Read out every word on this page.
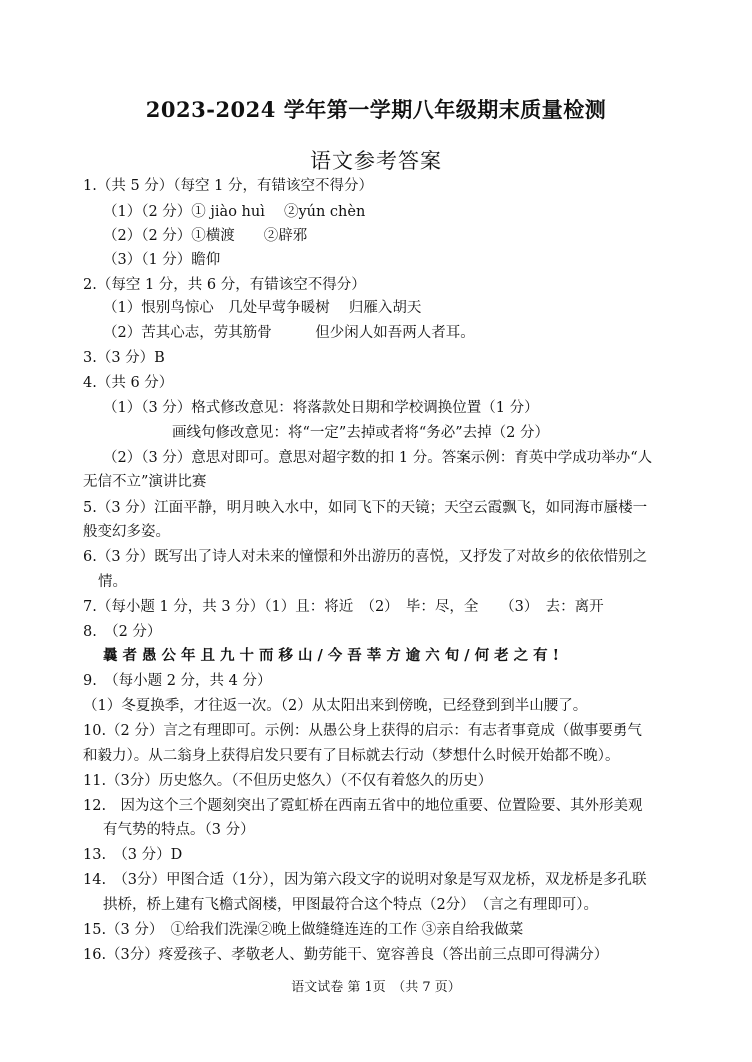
2023-2024 学年第一学期八年级期末质量检测
语文参考答案
1.（共 5 分）（每空 1 分，有错该空不得分）
（1）（2 分）① jiào huì　 ②yún chèn
（2）（2 分）①横渡　　②辟邪
（3）（1 分）瞻仰
2.（每空 1 分，共 6 分，有错该空不得分）
（1）恨别鸟惊心　几处早莺争暖树　 归雁入胡天
（2）苦其心志，劳其筋骨　　　但少闲人如吾两人者耳。
3.（3 分）B
4.（共 6 分）
（1）（3 分）格式修改意见：将落款处日期和学校调换位置（1 分）
画线句修改意见：将“一定”去掉或者将“务必”去掉（2 分）
（2）（3 分）意思对即可。意思对超字数的扣 1 分。答案示例：育英中学成功举办“人
无信不立”演讲比赛
5.（3 分）江面平静，明月映入水中，如同飞下的天镜；天空云霞飘飞，如同海市蜃楼一
般变幻多姿。
6.（3 分）既写出了诗人对未来的憧憬和外出游历的喜悦，又抒发了对故乡的依依惜别之
情。
7.（每小题 1 分，共 3 分）（1）且：将近　（2）　毕：尽，全　　（3）　去：离开
8.　（2 分）
曩者愚公年且九十而移山/今吾莘方逾六旬/何老之有!
9.　（每小题 2 分，共 4 分）
（1）冬夏换季，才往返一次。（2）从太阳出来到傍晚，已经登到到半山腰了。
10.（2 分）言之有理即可。示例：从愚公身上获得的启示：有志者事竟成（做事要勇气
和毅力）。从二翁身上获得启发只要有了目标就去行动（梦想什么时候开始都不晚）。
11.（3分）历史悠久。（不但历史悠久）（不仅有着悠久的历史）
12.　因为这个三个题刻突出了霓虹桥在西南五省中的地位重要、位置险要、其外形美观
有气势的特点。（3 分）
13.　（3 分）D
14.　（3分）甲图合适（1分），因为第六段文字的说明对象是写双龙桥，双龙桥是多孔联
拱桥，桥上建有飞檐式阁楼，甲图最符合这个特点（2分）　（言之有理即可）。
15.（3 分）　①给我们洗澡②晚上做缝缝连连的工作 ③亲自给我做菜
16.（3分）疼爱孩子、孝敬老人、勤劳能干、宽容善良（答出前三点即可得满分）
语文试卷 第 1页　（共 7 页）
